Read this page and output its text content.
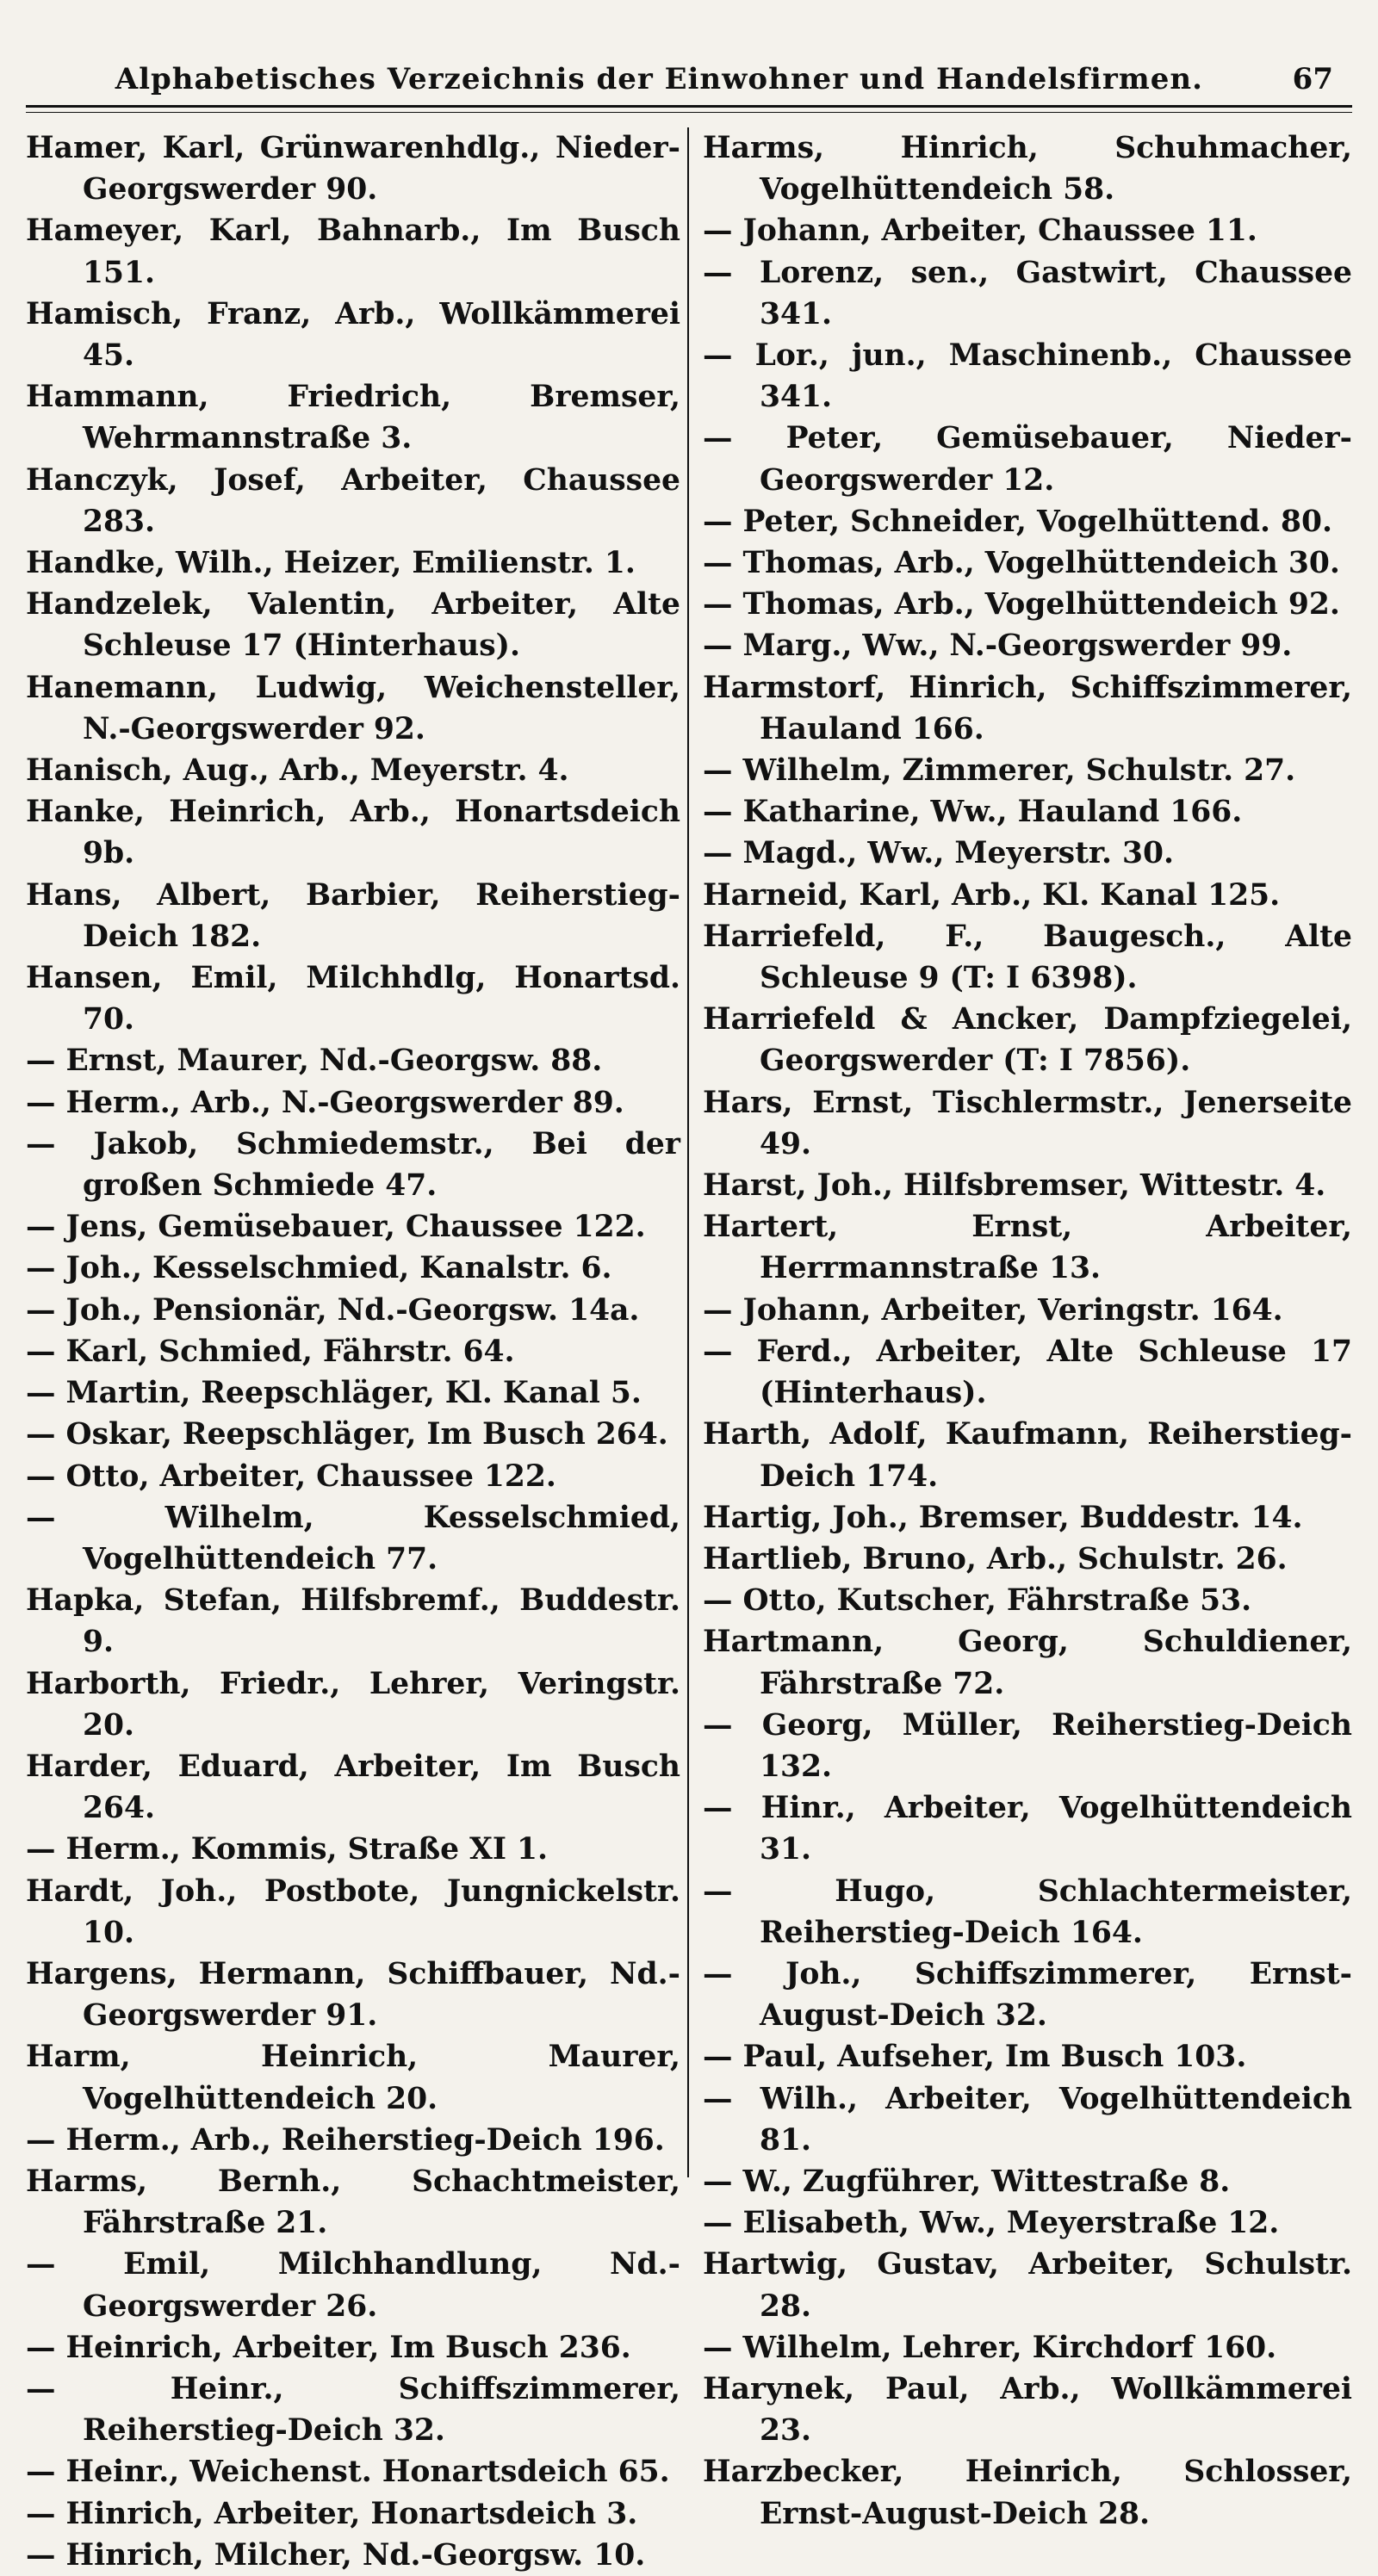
Alphabetisches Verzeichnis der Einwohner und Handelsfirmen.	67
Hamer, Karl, Grünwarenhdlg., Nieder-Georgswerder 90.
Hameyer, Karl, Bahnarb., Im Busch 151.
Hamisch, Franz, Arb., Wollkämmerei 45.
Hammann, Friedrich, Bremser, Wehrmannstraße 3.
Hanczyk, Josef, Arbeiter, Chaussee 283.
Handke, Wilh., Heizer, Emilienstr. 1.
Handzelek, Valentin, Arbeiter, Alte Schleuse 17 (Hinterhaus).
Hanemann, Ludwig, Weichensteller, N.-Georgswerder 92.
Hanisch, Aug., Arb., Meyerstr. 4.
Hanke, Heinrich, Arb., Honartsdeich 9b.
Hans, Albert, Barbier, Reiherstieg-Deich 182.
Hansen, Emil, Milchhdlg, Honartsd. 70.
— Ernst, Maurer, Nd.-Georgsw. 88.
— Herm., Arb., N.-Georgswerder 89.
— Jakob, Schmiedemstr., Bei der großen Schmiede 47.
— Jens, Gemüsebauer, Chaussee 122.
— Joh., Kesselschmied, Kanalstr. 6.
— Joh., Pensionär, Nd.-Georgsw. 14a.
— Karl, Schmied, Fährstr. 64.
— Martin, Reepschläger, Kl. Kanal 5.
— Oskar, Reepschläger, Im Busch 264.
— Otto, Arbeiter, Chaussee 122.
— Wilhelm, Kesselschmied, Vogelhüttendeich 77.
Hapka, Stefan, Hilfsbremf., Buddestr. 9.
Harborth, Friedr., Lehrer, Veringstr. 20.
Harder, Eduard, Arbeiter, Im Busch 264.
— Herm., Kommis, Straße XI 1.
Hardt, Joh., Postbote, Jungnickelstr. 10.
Hargens, Hermann, Schiffbauer, Nd.-Georgswerder 91.
Harm, Heinrich, Maurer, Vogelhüttendeich 20.
— Herm., Arb., Reiherstieg-Deich 196.
Harms, Bernh., Schachtmeister, Fährstraße 21.
— Emil, Milchhandlung, Nd.-Georgswerder 26.
— Heinrich, Arbeiter, Im Busch 236.
— Heinr., Schiffszimmerer, Reiherstieg-Deich 32.
— Heinr., Weichenst. Honartsdeich 65.
— Hinrich, Arbeiter, Honartsdeich 3.
— Hinrich, Milcher, Nd.-Georgsw. 10.
Harms, Hinrich, Schuhmacher, Vogelhüttendeich 58.
— Johann, Arbeiter, Chaussee 11.
— Lorenz, sen., Gastwirt, Chaussee 341.
— Lor., jun., Maschinenb., Chaussee 341.
— Peter, Gemüsebauer, Nieder-Georgswerder 12.
— Peter, Schneider, Vogelhüttend. 80.
— Thomas, Arb., Vogelhüttendeich 30.
— Thomas, Arb., Vogelhüttendeich 92.
— Marg., Ww., N.-Georgswerder 99.
Harmstorf, Hinrich, Schiffszimmerer, Hauland 166.
— Wilhelm, Zimmerer, Schulstr. 27.
— Katharine, Ww., Hauland 166.
— Magd., Ww., Meyerstr. 30.
Harneid, Karl, Arb., Kl. Kanal 125.
Harriefeld, F., Baugesch., Alte Schleuse 9 (T: I 6398).
Harriefeld & Ancker, Dampfziegelei, Georgswerder (T: I 7856).
Hars, Ernst, Tischlermstr., Jenerseite 49.
Harst, Joh., Hilfsbremser, Wittestr. 4.
Hartert, Ernst, Arbeiter, Herrmannstraße 13.
— Johann, Arbeiter, Veringstr. 164.
— Ferd., Arbeiter, Alte Schleuse 17 (Hinterhaus).
Harth, Adolf, Kaufmann, Reiherstieg-Deich 174.
Hartig, Joh., Bremser, Buddestr. 14.
Hartlieb, Bruno, Arb., Schulstr. 26.
— Otto, Kutscher, Fährstraße 53.
Hartmann, Georg, Schuldiener, Fährstraße 72.
— Georg, Müller, Reiherstieg-Deich 132.
— Hinr., Arbeiter, Vogelhüttendeich 31.
— Hugo, Schlachtermeister, Reiherstieg-Deich 164.
— Joh., Schiffszimmerer, Ernst-August-Deich 32.
— Paul, Aufseher, Im Busch 103.
— Wilh., Arbeiter, Vogelhüttendeich 81.
— W., Zugführer, Wittestraße 8.
— Elisabeth, Ww., Meyerstraße 12.
Hartwig, Gustav, Arbeiter, Schulstr. 28.
— Wilhelm, Lehrer, Kirchdorf 160.
Harynek, Paul, Arb., Wollkämmerei 23.
Harzbecker, Heinrich, Schlosser, Ernst-August-Deich 28.
